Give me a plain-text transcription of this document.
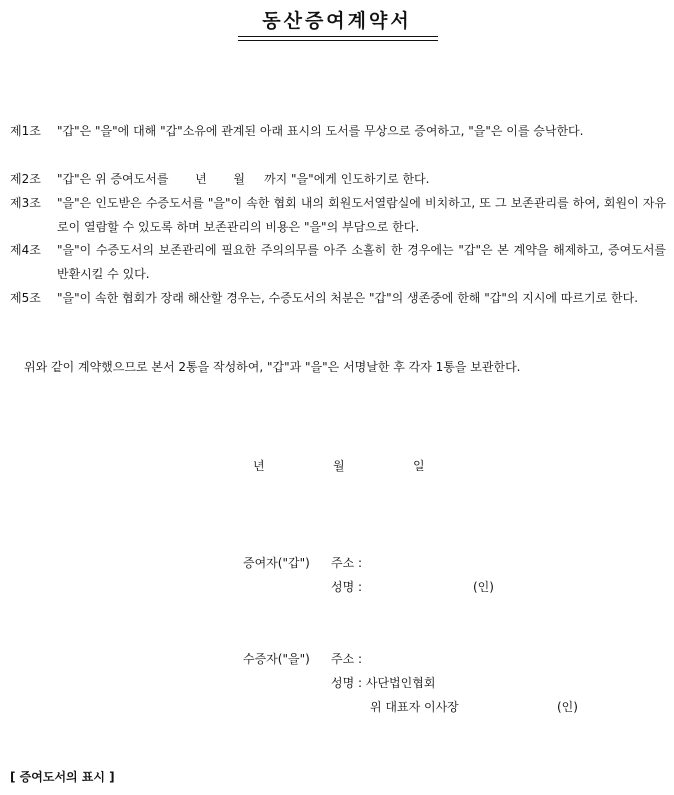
동산증여계약서
제1조 "갑"은 "을"에 대해 "갑"소유에 관계된 아래 표시의 도서를 무상으로 증여하고, "을"은 이를 승낙한다.
제2조 "갑"은 위 증여도서를       년       월     까지 "을"에게 인도하기로 한다.
제3조 "을"은 인도받은 수증도서를 "을"이 속한 협회 내의 회원도서열람실에 비치하고, 또 그 보존관리를 하여, 회원이 자유로이 열람할 수 있도록 하며 보존관리의 비용은 "을"의 부담으로 한다.
제4조 "을"이 수증도서의 보존관리에 필요한 주의의무를 아주 소홀히 한 경우에는 "갑"은 본 계약을 해제하고, 증여도서를 반환시킬 수 있다.
제5조 "을"이 속한 협회가 장래 해산할 경우는, 수증도서의 처분은 "갑"의 생존중에 한해 "갑"의 지시에 따르기로 한다.
위와 같이 계약했으므로 본서 2통을 작성하여, "갑"과 "을"은 서명날한 후 각자 1통을 보관한다.
년	월	일
증여자("갑") 주소 :
성명 :	(인)
수증자("을") 주소 :
성명 : 사단법인협회
위 대표자 이사장	(인)
[ 증여도서의 표시 ]
